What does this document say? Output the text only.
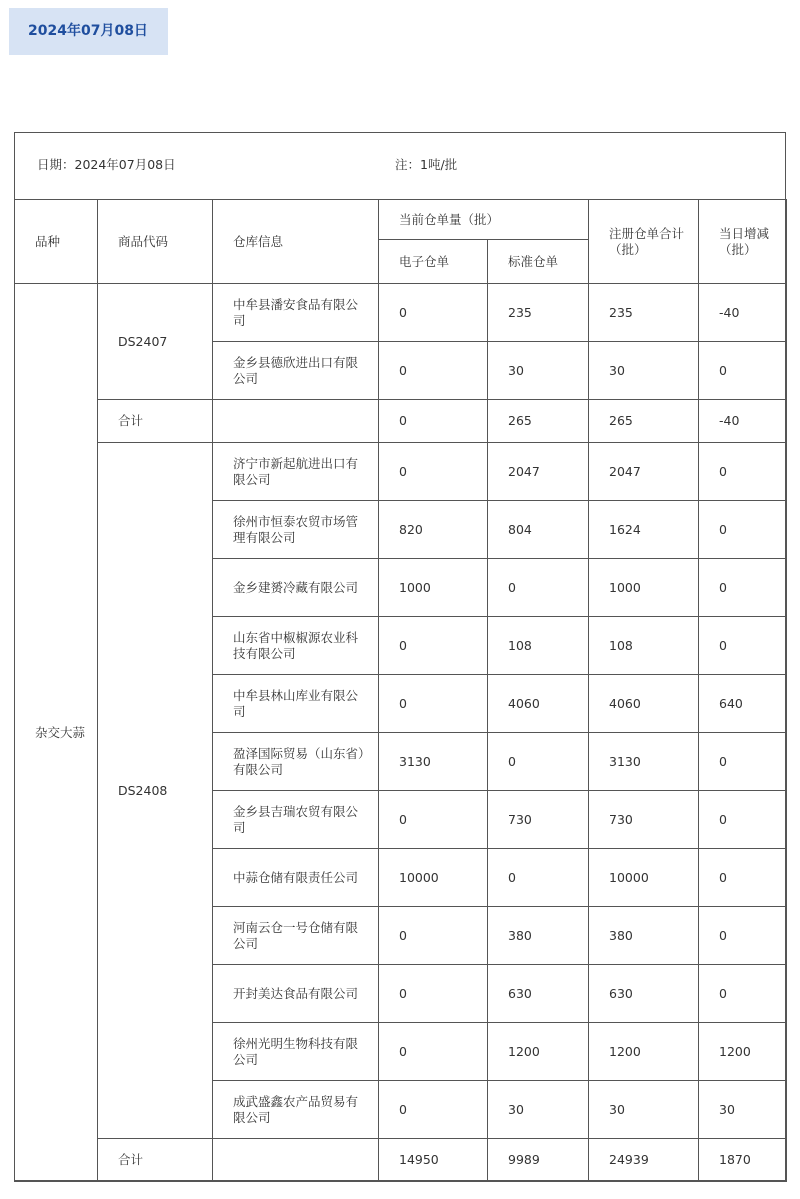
2024年07月08日
日期：2024年07月08日	注：1吨/批
品种	商品代码	仓库信息	当前仓单量（批）		注册仓单合计（批）	当日增减（批）
			电子仓单	标准仓单		
杂交大蒜	DS2407	中牟县潘安食品有限公司	0	235	235	-40
		金乡县德欣进出口有限公司	0	30	30	0
	合计		0	265	265	-40
	DS2408	济宁市新起航进出口有限公司	0	2047	2047	0
		徐州市恒泰农贸市场管理有限公司	820	804	1624	0
		金乡建赟冷藏有限公司	1000	0	1000	0
		山东省中椒椒源农业科技有限公司	0	108	108	0
		中牟县林山库业有限公司	0	4060	4060	640
		盈泽国际贸易（山东省）有限公司	3130	0	3130	0
		金乡县吉瑞农贸有限公司	0	730	730	0
		中蒜仓储有限责任公司	10000	0	10000	0
		河南云仓一号仓储有限公司	0	380	380	0
		开封美达食品有限公司	0	630	630	0
		徐州光明生物科技有限公司	0	1200	1200	1200
		成武盛鑫农产品贸易有限公司	0	30	30	30
	合计		14950	9989	24939	1870
